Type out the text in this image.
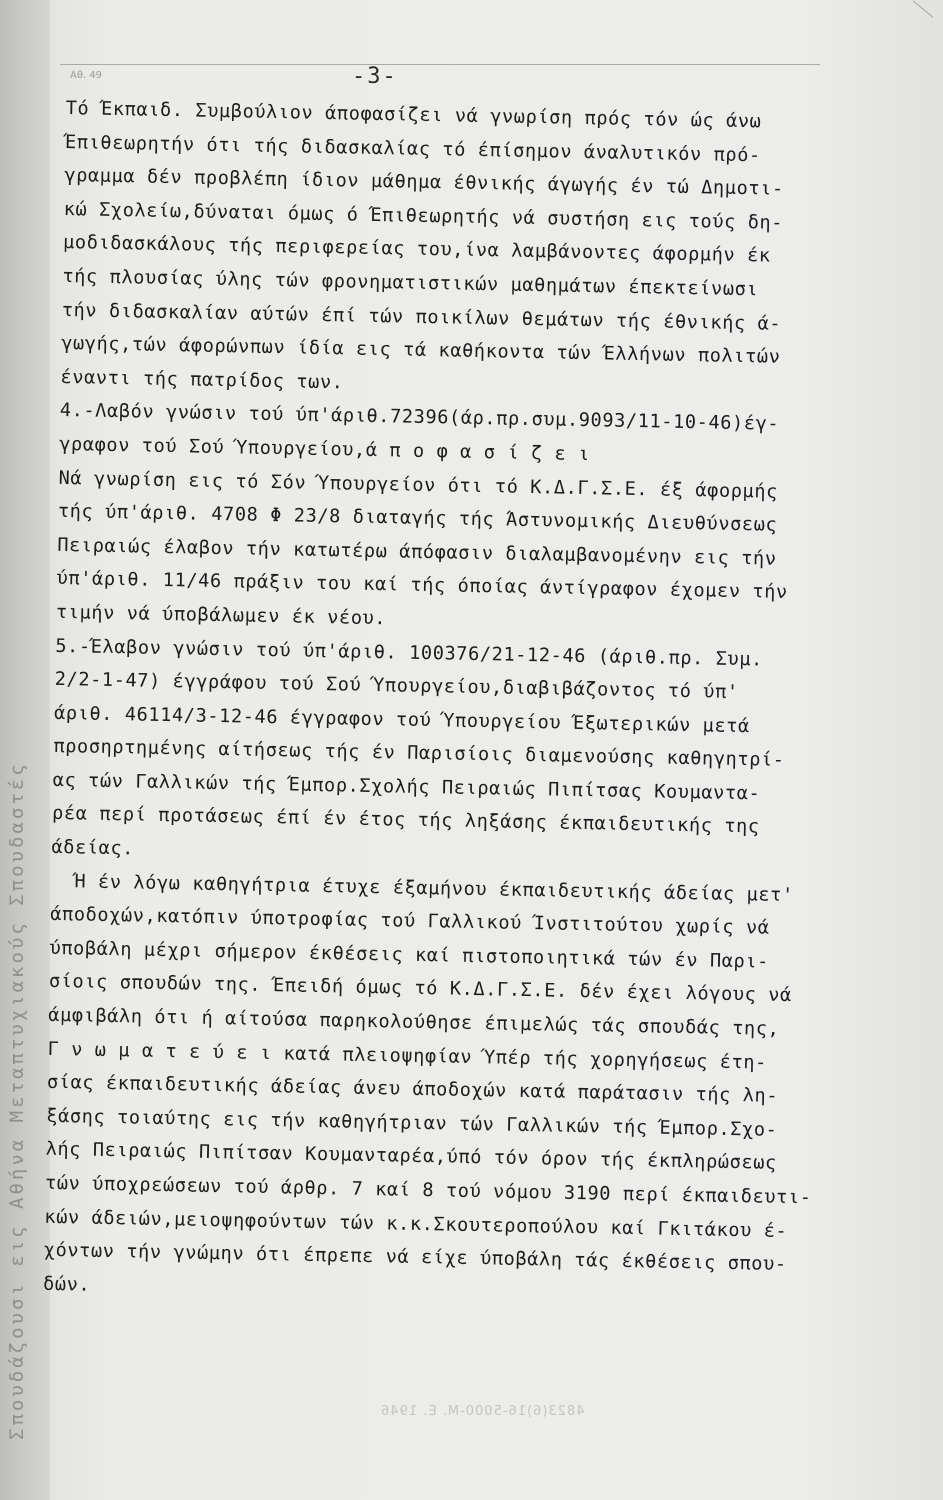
Σπουδάζουσι εις Αθήνα Μεταπτυχιακούς Σπουδαστές
Αθ. 49	-3-
Τό Έκπαιδ. Συμβούλιον άποφασίζει νά γνωρίση πρός τόν ώς άνω
Έπιθεωρητήν ότι τής διδασκαλίας τό έπίσημον άναλυτικόν πρό-
γραμμα δέν προβλέπη ίδιον μάθημα έθνικής άγωγής έν τώ Δημοτι-
κώ Σχολείω,δύναται όμως ό Έπιθεωρητής νά συστήση εις τούς δη-
μοδιδασκάλους τής περιφερείας του,ίνα λαμβάνοντες άφορμήν έκ
τής πλουσίας ύλης τών φρονηματιστικών μαθημάτων έπεκτείνωσι
τήν διδασκαλίαν αύτών έπί τών ποικίλων θεμάτων τής έθνικής ά-
γωγής,τών άφορώνπων ίδία εις τά καθήκοντα τών Έλλήνων πολιτών
έναντι τής πατρίδος των.
4.-Λαβόν γνώσιν τού ύπ'άριθ.72396(άρ.πρ.συμ.9093/11-10-46)έγ-
γραφον τού Σού Ύπουργείου,ά π ο φ α σ ί ζ ε ι
Νά γνωρίση εις τό Σόν Ύπουργείον ότι τό Κ.Δ.Γ.Σ.Ε. έξ άφορμής
τής ύπ'άριθ. 4708 Φ 23/8 διαταγής τής Άστυνομικής Διευθύνσεως
Πειραιώς έλαβον τήν κατωτέρω άπόφασιν διαλαμβανομένην εις τήν
ύπ'άριθ. 11/46 πράξιν του καί τής όποίας άντίγραφον έχομεν τήν
τιμήν νά ύποβάλωμεν έκ νέου.
5.-Έλαβον γνώσιν τού ύπ'άριθ. 100376/21-12-46 (άριθ.πρ. Συμ.
2/2-1-47) έγγράφου τού Σού Ύπουργείου,διαβιβάζοντος τό ύπ'
άριθ. 46114/3-12-46 έγγραφον τού Ύπουργείου Έξωτερικών μετά
προσηρτημένης αίτήσεως τής έν Παρισίοις διαμενούσης καθηγητρί-
ας τών Γαλλικών τής Έμπορ.Σχολής Πειραιώς Πιπίτσας Κουμαντα-
ρέα περί προτάσεως έπί έν έτος τής ληξάσης έκπαιδευτικής της
άδείας.
Ή έν λόγω καθηγήτρια έτυχε έξαμήνου έκπαιδευτικής άδείας μετ'
άποδοχών,κατόπιν ύποτροφίας τού Γαλλικού Ίνστιτούτου χωρίς νά
ύποβάλη μέχρι σήμερον έκθέσεις καί πιστοποιητικά τών έν Παρι-
σίοις σπουδών της. Έπειδή όμως τό Κ.Δ.Γ.Σ.Ε. δέν έχει λόγους νά
άμφιβάλη ότι ή αίτούσα παρηκολούθησε έπιμελώς τάς σπουδάς της,
Γ ν ω μ α τ ε ύ ε ι κατά πλειοψηφίαν Ύπέρ τής χορηγήσεως έτη-
σίας έκπαιδευτικής άδείας άνευ άποδοχών κατά παράτασιν τής λη-
ξάσης τοιαύτης εις τήν καθηγήτριαν τών Γαλλικών τής Έμπορ.Σχο-
λής Πειραιώς Πιπίτσαν Κουμανταρέα,ύπό τόν όρον τής έκπληρώσεως
τών ύποχρεώσεων τού άρθρ. 7 καί 8 τού νόμου 3190 περί έκπαιδευτι-
κών άδειών,μειοψηφούντων τών κ.κ.Σκουτεροπούλου καί Γκιτάκου έ-
χόντων τήν γνώμην ότι έπρεπε νά είχε ύποβάλη τάς έκθέσεις σπου-
δών.
4823(6)16-5000-Μ. Ε. 1946
